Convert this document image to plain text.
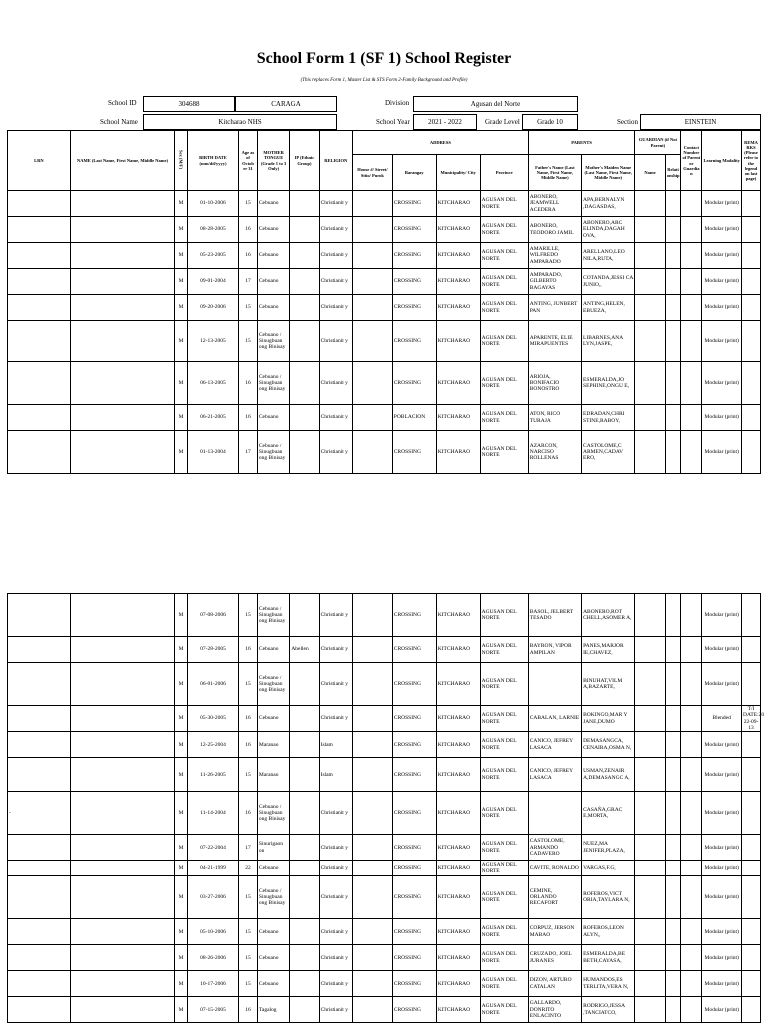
School Form 1 (SF 1) School Register
(This replaces Form 1, Master List & STS Form 2-Family Background and Profile)
School ID	304688	CARAGA	Division	Agusan del Norte
School Name	Kitcharao NHS	School Year	2021 - 2022	Grade Level	Grade 10	Section	EINSTEIN
LRN	NAME (Last Name, First Name, Middle Name)	Sex (M/F)	BIRTH DATE (mm/dd/yyyy)	Age as of Octob er 31	MOTHER TONGUE (Grade 1 to 3 Only)	IP (Ethnic Group)	RELIGION	ADDRESS				PARENTS		GUARDIAN (if Not Parent)		Contact Number of Parent or Guardia n	Learning Modality	REMA RKS
(Please refer to the legend on last page)
								House #/ Street/ Sitio/ Purok	Barangay	Municipality/ City	Province	Father's Name (Last Name, First Name, Middle Name)	Mother's Maiden Name (Last Name, First Name, Middle Name)	Name	Relati onship			
		M	01-10-2006	15	Cebuano		Christianit y		CROSSING	KITCHARAO	AGUSAN DEL NORTE	ABONERO, JEAMWELL ACEDERA	APA,BERNALYN ,DAGASDAS,				Modular (print)	
		M	08-28-2005	16	Cebuano		Christianit y		CROSSING	KITCHARAO	AGUSAN DEL NORTE	ABONERO, TEODORO JAMIL	ABONERO,ARC ELINDA,DAGAH OVA,				Modular (print)	
		M	05-23-2005	16	Cebuano		Christianit y		CROSSING	KITCHARAO	AGUSAN DEL NORTE	AMARILLE, WILFREDO AMPARADO	ARELLANO,LEO NILA,RUTA,				Modular (print)	
		M	09-01-2004	17	Cebuano		Christianit y		CROSSING	KITCHARAO	AGUSAN DEL NORTE	AMPARADO, GILBERTO BAGAYAS	COTANDA,JESSI CA JUNIO,,				Modular (print)	
		M	09-20-2006	15	Cebuano		Christianit y		CROSSING	KITCHARAO	AGUSAN DEL NORTE	ANTING, JUNBERT PAN	ANTING,HELEN, EBUEZA,				Modular (print)	
		M	12-13-2005	15	Cebuano / Sinugbuan ong Binisay		Christianit y		CROSSING	KITCHARAO	AGUSAN DEL NORTE	APARENTE, ELIE MIRAPUENTES	LIBARNES,ANA LYN,JASPE,				Modular (print)	
		M	06-13-2005	16	Cebuano / Sinugbuan ong Binisay		Christianit y		CROSSING	KITCHARAO	AGUSAN DEL NORTE	ARIOJA, BONIFACIO BONOSTRO	ESMERALDA,JO SEPHINE,ONGU E,				Modular (print)	
		M	06-21-2005	16	Cebuano		Christianit y		POBLACION	KITCHARAO	AGUSAN DEL NORTE	ATON, RICO TURAJA	EDRADAN,CHRI STINE,RABOY,				Modular (print)	
		M	01-13-2004	17	Cebuano / Sinugbuan ong Binisay		Christianit y		CROSSING	KITCHARAO	AGUSAN DEL NORTE	AZARCON, NARCISO ROLLENAS	CASTOLOME,C ARMEN,CADAV ERO,				Modular (print)	
		M	07-08-2006	15	Cebuano / Sinugbuan ong Binisay		Christianit y		CROSSING	KITCHARAO	AGUSAN DEL NORTE	BASOL, JELBERT TESADO	ABONERO,ROT CHELL,ASOMER A,				Modular (print)	
		M	07-28-2005	16	Cebuano	Abellen	Christianit y		CROSSING	KITCHARAO	AGUSAN DEL NORTE	BAYRON, VIPOR AMPILAN	PANES,MARJOR IE,CHAVEZ,				Modular (print)	
		M	06-01-2006	15	Cebuano / Sinugbuan ong Binisay		Christianit y		CROSSING	KITCHARAO	AGUSAN DEL NORTE		BINUHAT,VILM A,BAZARTE,				Modular (print)	
		M	05-30-2005	16	Cebuano		Christianit y		CROSSING	KITCHARAO	AGUSAN DEL NORTE	CABALAN, LARNIE	BOKINGO,MAR Y JANE,DUMO				Blended	T/I DATE:20 22-09-13
		M	12-25-2004	16	Maranao		Islam		CROSSING	KITCHARAO	AGUSAN DEL NORTE	CANICO, JEFREY LASACA	DEMASANGCA, CENAIRA,OSMA N,				Modular (print)	
		M	11-26-2005	15	Maranao		Islam		CROSSING	KITCHARAO	AGUSAN DEL NORTE	CANICO, JEFREY LASACA	USMAN,ZENAIR A,DEMASANGC A,				Modular (print)	
-		M	11-14-2004	16	Cebuano / Sinugbuan ong Binisay		Christianit y		CROSSING	KITCHARAO	AGUSAN DEL NORTE		CASAÑA,GRAC E,MORTA,				Modular (print)	
		M	07-22-2004	17	Sinurigaon on		Christianit y		CROSSING	KITCHARAO	AGUSAN DEL NORTE	CASTOLOME, ARMANDO CADAVERO	NUEZ,MA JENIFER,PLAZA,				Modular (print)	
		M	04-21-1999	22	Cebuano		Christianit y		CROSSING	KITCHARAO	AGUSAN DEL NORTE	CAVITE, RONALDO	VARGAS,F.G,				Modular (print)	
		M	03-27-2006	15	Cebuano / Sinugbuan ong Binisay		Christianit y		CROSSING	KITCHARAO	AGUSAN DEL NORTE	CEMINE, ORLANDO RECAFORT	ROFEROS,VICT ORIA,TAYLARA N,				Modular (print)	
		M	05-10-2006	15	Cebuano		Christianit y		CROSSING	KITCHARAO	AGUSAN DEL NORTE	CORPUZ, JERSON MABAO	ROFEROS,LEON ALYN,,				Modular (print)	
		M	08-26-2006	15	Cebuano		Christianit y		CROSSING	KITCHARAO	AGUSAN DEL NORTE	CRUZADO, JOEL JURANES	ESMERALDA,BE BETH,CAYASA,				Modular (print)	
		M	10-17-2006	15	Cebuano		Christianit y		CROSSING	KITCHARAO	AGUSAN DEL NORTE	DIZON, ARTURO CATALAN	HUMANDOS,ES TERLITA,VERA N,				Modular (print)	
		M	07-15-2005	16	Tagalog		Christianit y		CROSSING	KITCHARAO	AGUSAN DEL NORTE	GALLARDO, DONRITO ENLACINTO	RODRIGO,JESSA ,TANCIATCO,				Modular (print)	
